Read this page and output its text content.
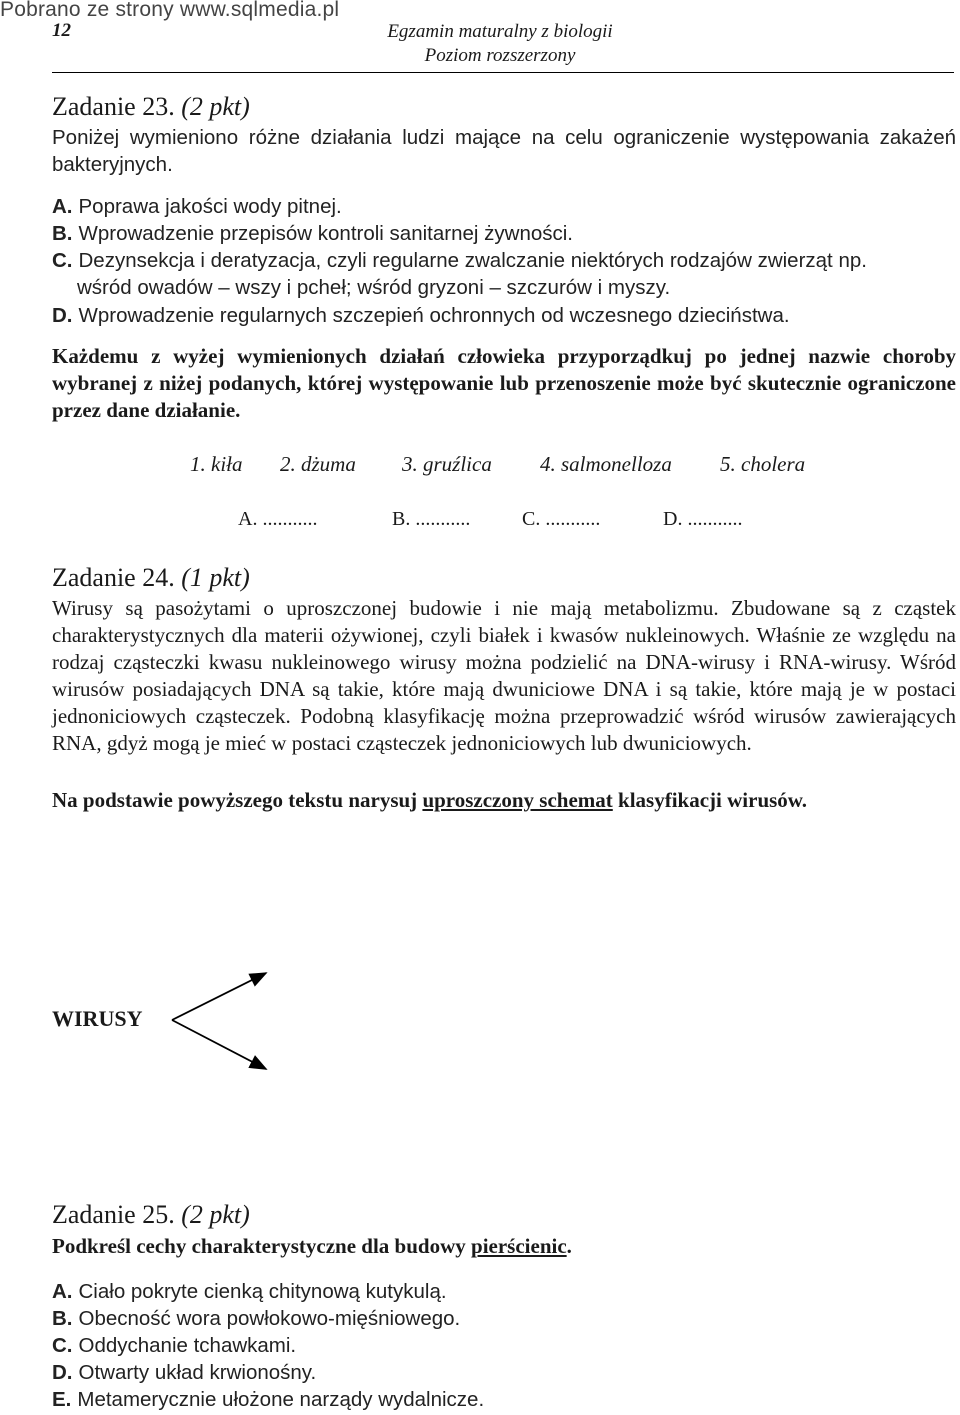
Pobrano ze strony www.sqlmedia.pl
12	Egzamin maturalny z biologii
Poziom rozszerzony
Zadanie 23. (2 pkt)
Poniżej wymieniono różne działania ludzi mające na celu ograniczenie występowania zakażeń bakteryjnych.
A. Poprawa jakości wody pitnej.
B. Wprowadzenie przepisów kontroli sanitarnej żywności.
C. Dezynsekcja i deratyzacja, czyli regularne zwalczanie niektórych rodzajów zwierząt np.
wśród owadów – wszy i pcheł; wśród gryzoni – szczurów i myszy.
D. Wprowadzenie regularnych szczepień ochronnych od wczesnego dzieciństwa.
Każdemu z wyżej wymienionych działań człowieka przyporządkuj po jednej nazwie choroby wybranej z niżej podanych, której występowanie lub przenoszenie może być skutecznie ograniczone przez dane działanie.
1. kiła 2. dżuma 3. gruźlica 4. salmonelloza 5. cholera
A. ...........	B. ...........	C. ...........	D. ...........
Zadanie 24. (1 pkt)
Wirusy są pasożytami o uproszczonej budowie i nie mają metabolizmu. Zbudowane są z cząstek charakterystycznych dla materii ożywionej, czyli białek i kwasów nukleinowych. Właśnie ze względu na rodzaj cząsteczki kwasu nukleinowego wirusy można podzielić na DNA-wirusy i RNA-wirusy. Wśród wirusów posiadających DNA są takie, które mają dwuniciowe DNA i są takie, które mają je w postaci jednoniciowych cząsteczek. Podobną klasyfikację można przeprowadzić wśród wirusów zawierających RNA, gdyż mogą je mieć w postaci cząsteczek jednoniciowych lub dwuniciowych.
Na podstawie powyższego tekstu narysuj uproszczony schemat klasyfikacji wirusów.
WIRUSY
Zadanie 25. (2 pkt)
Podkreśl cechy charakterystyczne dla budowy pierścienic.
A. Ciało pokryte cienką chitynową kutykulą.
B. Obecność wora powłokowo-mięśniowego.
C. Oddychanie tchawkami.
D. Otwarty układ krwionośny.
E. Metamerycznie ułożone narządy wydalnicze.
